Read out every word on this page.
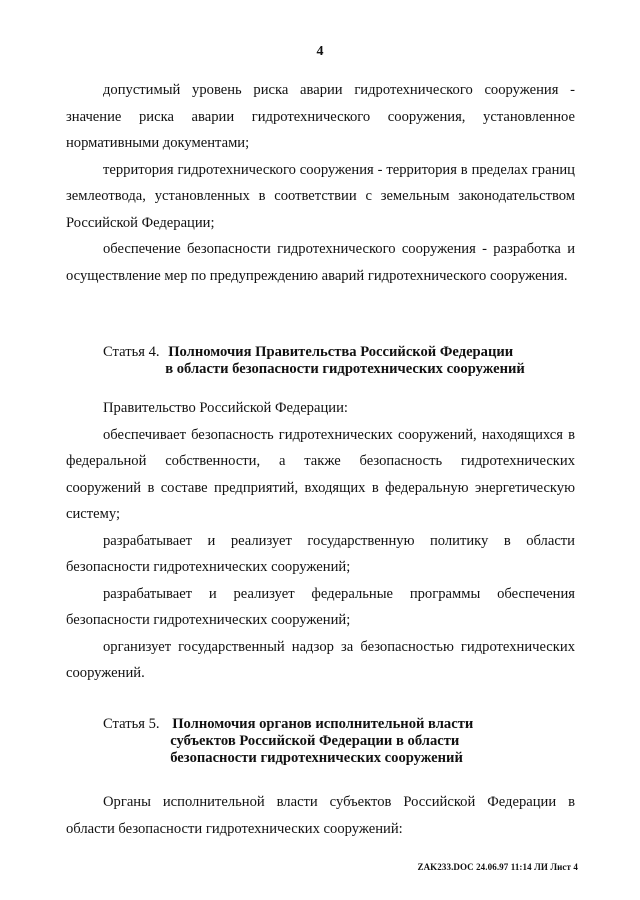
4

допустимый уровень риска аварии гидротехнического сооружения - значение риска аварии гидротехнического сооружения, установленное нормативными документами;

территория гидротехнического сооружения - территория в пределах границ землеотвода, установленных в соответствии с земельным законодательством Российской Федерации;

обеспечение безопасности гидротехнического сооружения - разработка и осуществление мер по предупреждению аварий гидротехнического сооружения.

Статья 4. Полномочия Правительства Российской Федерации
в области безопасности гидротехнических сооружений

Правительство Российской Федерации:

обеспечивает безопасность гидротехнических сооружений, находящихся в федеральной собственности, а также безопасность гидротехнических сооружений в составе предприятий, входящих в федеральную энергетическую систему;

разрабатывает и реализует государственную политику в области безопасности гидротехнических сооружений;

разрабатывает и реализует федеральные программы обеспечения безопасности гидротехнических сооружений;

организует государственный надзор за безопасностью гидротехнических сооружений.

Статья 5. Полномочия органов исполнительной власти
субъектов Российской Федерации в области
безопасности гидротехнических сооружений

Органы исполнительной власти субъектов Российской Федерации в области безопасности гидротехнических сооружений:

ZAK233.DOC 24.06.97 11:14 ЛИ Лист 4
